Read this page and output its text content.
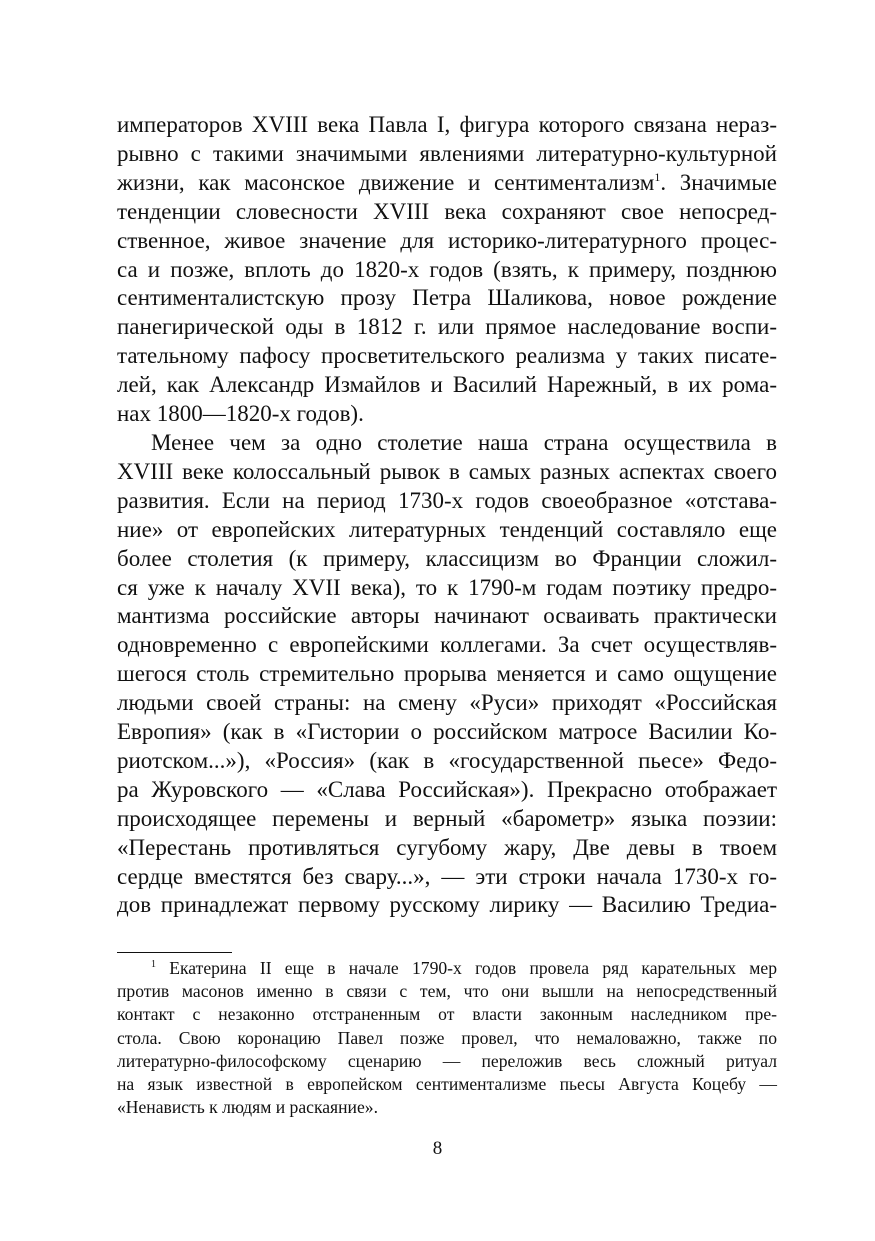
императоров XVIII века Павла I, фигура которого связана нераз-
рывно с такими значимыми явлениями литературно-культурной
жизни, как масонское движение и сентиментализм$^1$. Значимые
тенденции словесности XVIII века сохраняют свое непосред-
ственное, живое значение для историко-литературного процес-
са и позже, вплоть до 1820-х годов (взять, к примеру, позднюю
сентименталистскую прозу Петра Шаликова, новое рождение
панегирической оды в 1812 г. или прямое наследование воспи-
тательному пафосу просветительского реализма у таких писате-
лей, как Александр Измайлов и Василий Нарежный, в их рома-
нах 1800—1820-х годов).
Менее чем за одно столетие наша страна осуществила в
XVIII веке колоссальный рывок в самых разных аспектах своего
развития. Если на период 1730-х годов своеобразное «отстава-
ние» от европейских литературных тенденций составляло еще
более столетия (к примеру, классицизм во Франции сложил-
ся уже к началу XVII века), то к 1790-м годам поэтику предро-
мантизма российские авторы начинают осваивать практически
одновременно с европейскими коллегами. За счет осуществляв-
шегося столь стремительно прорыва меняется и само ощущение
людьми своей страны: на смену «Руси» приходят «Российская
Европия» (как в «Гистории о российском матросе Василии Ко-
риотском...»), «Россия» (как в «государственной пьесе» Федо-
ра Журовского — «Слава Российская»). Прекрасно отображает
происходящее перемены и верный «барометр» языка поэзии:
«Перестань противляться сугубому жару, Две девы в твоем
сердце вместятся без свару...», — эти строки начала 1730-х го-
дов принадлежат первому русскому лирику — Василию Тредиа-
$^1$ Екатерина II еще в начале 1790-х годов провела ряд карательных мер
против масонов именно в связи с тем, что они вышли на непосредственный
контакт с незаконно отстраненным от власти законным наследником пре-
стола. Свою коронацию Павел позже провел, что немаловажно, также по
литературно-философскому сценарию — переложив весь сложный ритуал
на язык известной в европейском сентиментализме пьесы Августа Коцебу —
«Ненависть к людям и раскаяние».
8
